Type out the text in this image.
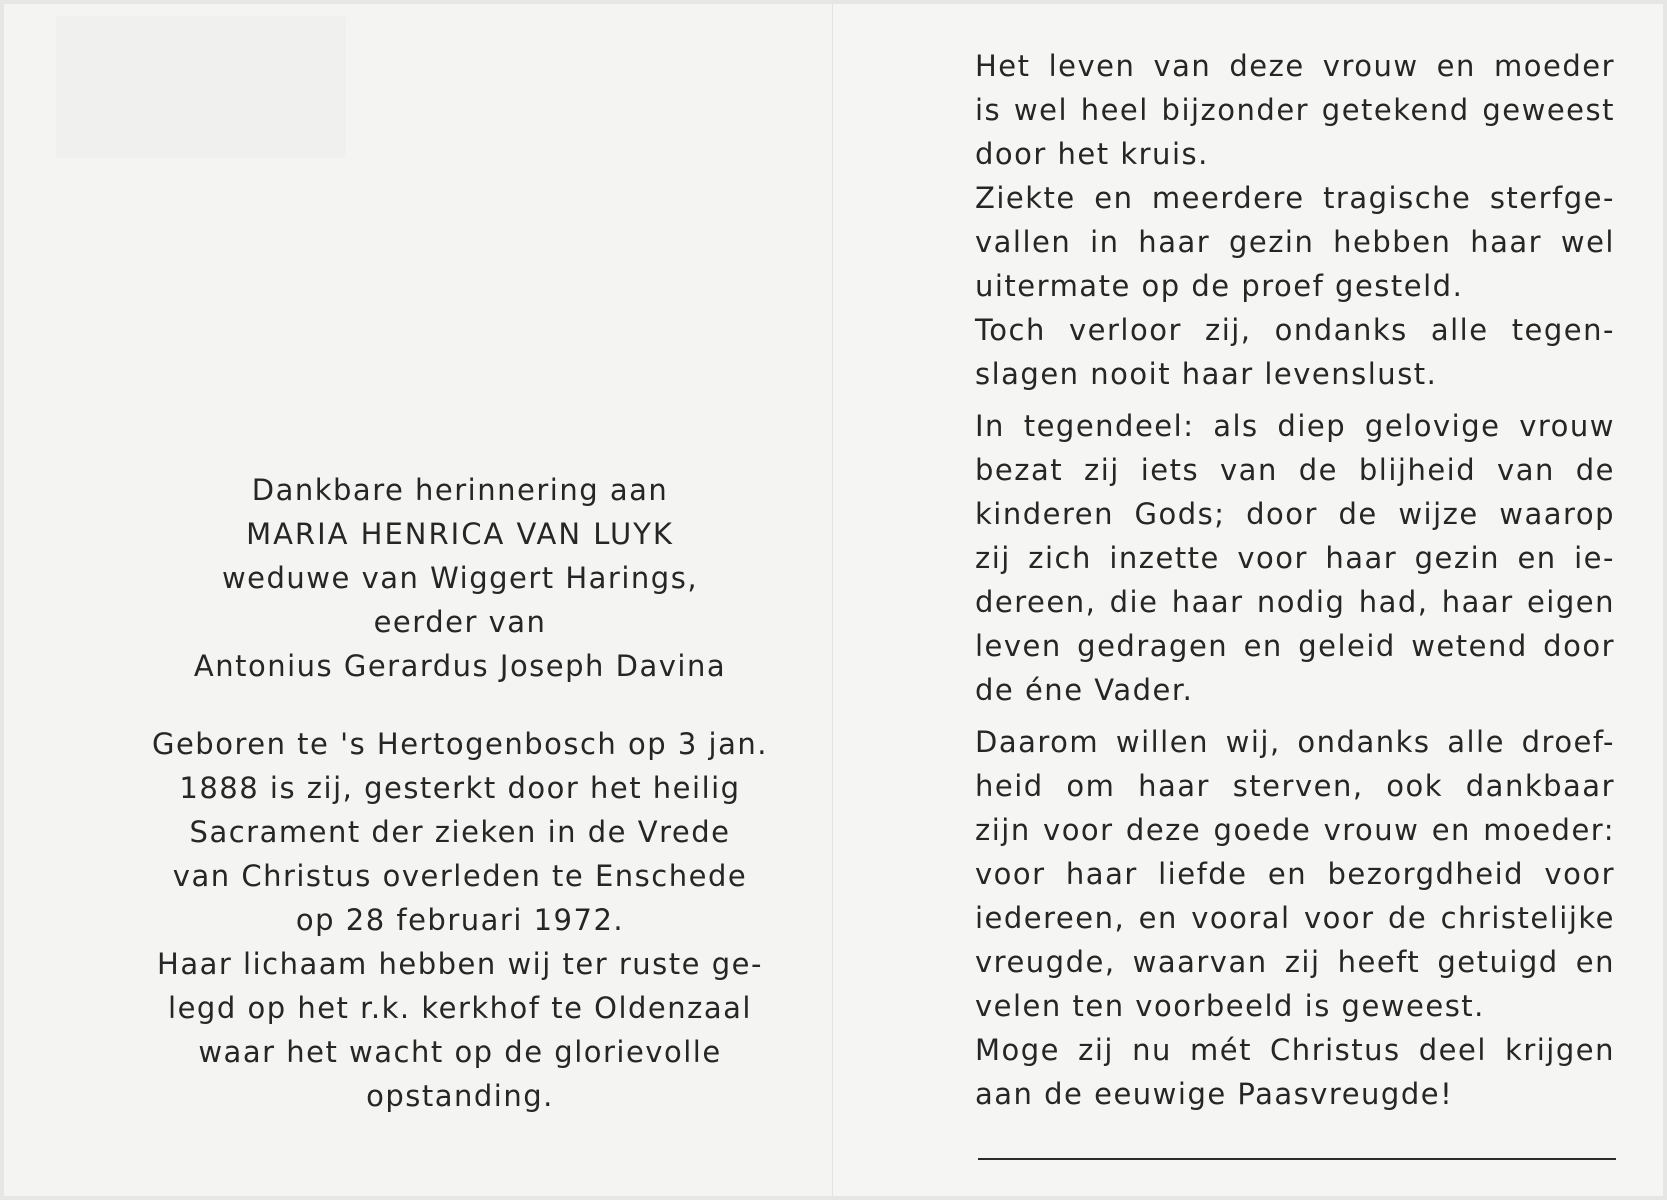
Dankbare herinnering aan
MARIA HENRICA VAN LUYK
weduwe van Wiggert Harings,
eerder van
Antonius Gerardus Joseph Davina
Geboren te 's Hertogenbosch op 3 jan.
1888 is zij, gesterkt door het heilig
Sacrament der zieken in de Vrede
van Christus overleden te Enschede
op 28 februari 1972.
Haar lichaam hebben wij ter ruste ge-
legd op het r.k. kerkhof te Oldenzaal
waar het wacht op de glorievolle
opstanding.
Het leven van deze vrouw en moeder
is wel heel bijzonder getekend geweest
door het kruis.
Ziekte en meerdere tragische sterfge-
vallen in haar gezin hebben haar wel
uitermate op de proef gesteld.
Toch verloor zij, ondanks alle tegen-
slagen nooit haar levenslust.
In tegendeel: als diep gelovige vrouw
bezat zij iets van de blijheid van de
kinderen Gods; door de wijze waarop
zij zich inzette voor haar gezin en ie-
dereen, die haar nodig had, haar eigen
leven gedragen en geleid wetend door
de éne Vader.
Daarom willen wij, ondanks alle droef-
heid om haar sterven, ook dankbaar
zijn voor deze goede vrouw en moeder:
voor haar liefde en bezorgdheid voor
iedereen, en vooral voor de christelijke
vreugde, waarvan zij heeft getuigd en
velen ten voorbeeld is geweest.
Moge zij nu mét Christus deel krijgen
aan de eeuwige Paasvreugde!
